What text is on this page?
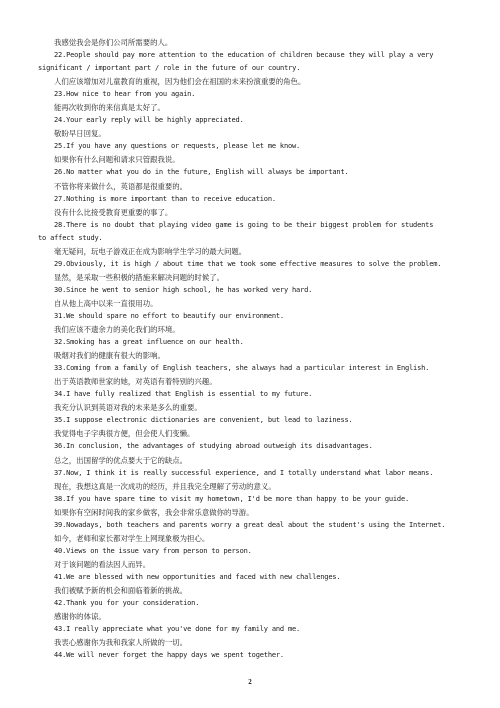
我感觉我会是你们公司所需要的人。
22.People should pay more attention to the education of children because they will play a very
significant / important part / role in the future of our country.
人们应该增加对儿童教育的重视，因为他们会在祖国的未来扮演重要的角色。
23.How nice to hear from you again.
能再次收到你的来信真是太好了。
24.Your early reply will be highly appreciated.
敬盼早日回复。
25.If you have any questions or requests, please let me know.
如果你有什么问题和请求只管跟我说。
26.No matter what you do in the future, English will always be important.
不管你将来做什么，英语都是很重要的。
27.Nothing is more important than to receive education.
没有什么比接受教育更重要的事了。
28.There is no doubt that playing video game is going to be their biggest problem for students
to affect study.
毫无疑问，玩电子游戏正在成为影响学生学习的最大问题。
29.Obviously, it is high / about time that we took some effective measures to solve the problem.
显然，是采取一些积极的措施来解决问题的时候了。
30.Since he went to senior high school, he has worked very hard.
自从他上高中以来一直很用功。
31.We should spare no effort to beautify our environment.
我们应该不遗余力的美化我们的环境。
32.Smoking has a great influence on our health.
吸烟对我们的健康有很大的影响。
33.Coming from a family of English teachers, she always had a particular interest in English.
出于英语教师世家的她，对英语有着特别的兴趣。
34.I have fully realized that English is essential to my future.
我充分认识到英语对我的未来是多么的重要。
35.I suppose electronic dictionaries are convenient, but lead to laziness.
我觉得电子字典很方便，但会使人们变懒。
36.In conclusion, the advantages of studying abroad outweigh its disadvantages.
总之，出国留学的优点要大于它的缺点。
37.Now, I think it is really successful experience, and I totally understand what labor means.
现在，我想这真是一次成功的经历，并且我完全理解了劳动的意义。
38.If you have spare time to visit my hometown, I'd be more than happy to be your guide.
如果你有空闲时间我的家乡做客，我会非常乐意做你的导游。
39.Nowadays, both teachers and parents worry a great deal about the student's using the Internet.
如今，老师和家长都对学生上网现象极为担心。
40.Views on the issue vary from person to person.
对于该问题的看法因人而异。
41.We are blessed with new opportunities and faced with new challenges.
我们被赋予新的机会和面临着新的挑战。
42.Thank you for your consideration.
感谢你的体谅。
43.I really appreciate what you've done for my family and me.
我衷心感谢你为我和我家人所做的一切。
44.We will never forget the happy days we spent together.
2
